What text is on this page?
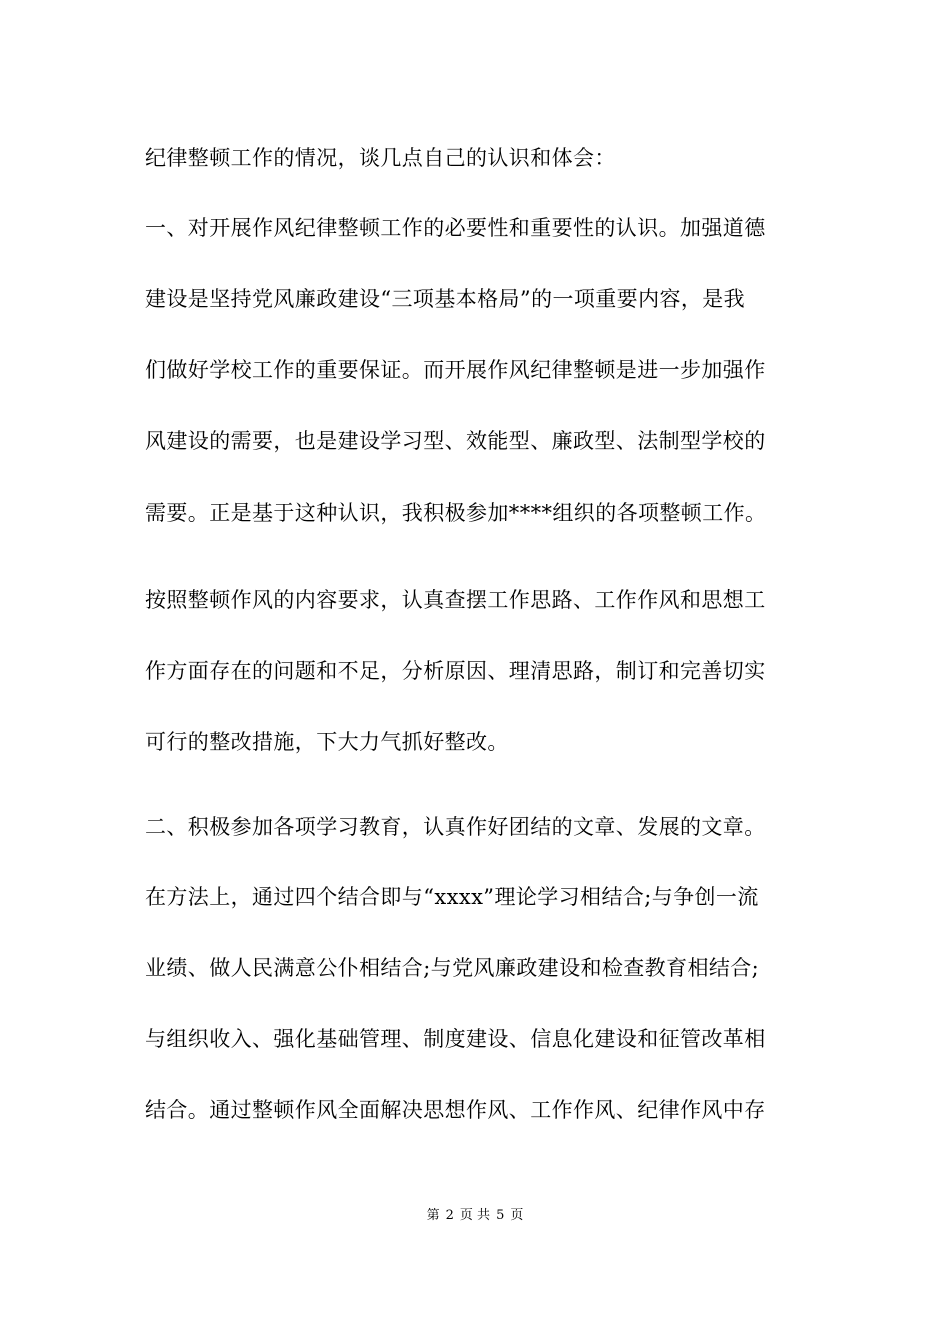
纪律整顿工作的情况，谈几点自己的认识和体会：
一、对开展作风纪律整顿工作的必要性和重要性的认识。加强道德
建设是坚持党风廉政建设“三项基本格局”的一项重要内容，是我
们做好学校工作的重要保证。而开展作风纪律整顿是进一步加强作
风建设的需要，也是建设学习型、效能型、廉政型、法制型学校的
需要。正是基于这种认识，我积极参加****组织的各项整顿工作。
按照整顿作风的内容要求，认真查摆工作思路、工作作风和思想工
作方面存在的问题和不足，分析原因、理清思路，制订和完善切实
可行的整改措施，下大力气抓好整改。
二、积极参加各项学习教育，认真作好团结的文章、发展的文章。
在方法上，通过四个结合即与“xxxx”理论学习相结合;与争创一流
业绩、做人民满意公仆相结合;与党风廉政建设和检查教育相结合;
与组织收入、强化基础管理、制度建设、信息化建设和征管改革相
结合。通过整顿作风全面解决思想作风、工作作风、纪律作风中存
第 2 页 共 5 页
